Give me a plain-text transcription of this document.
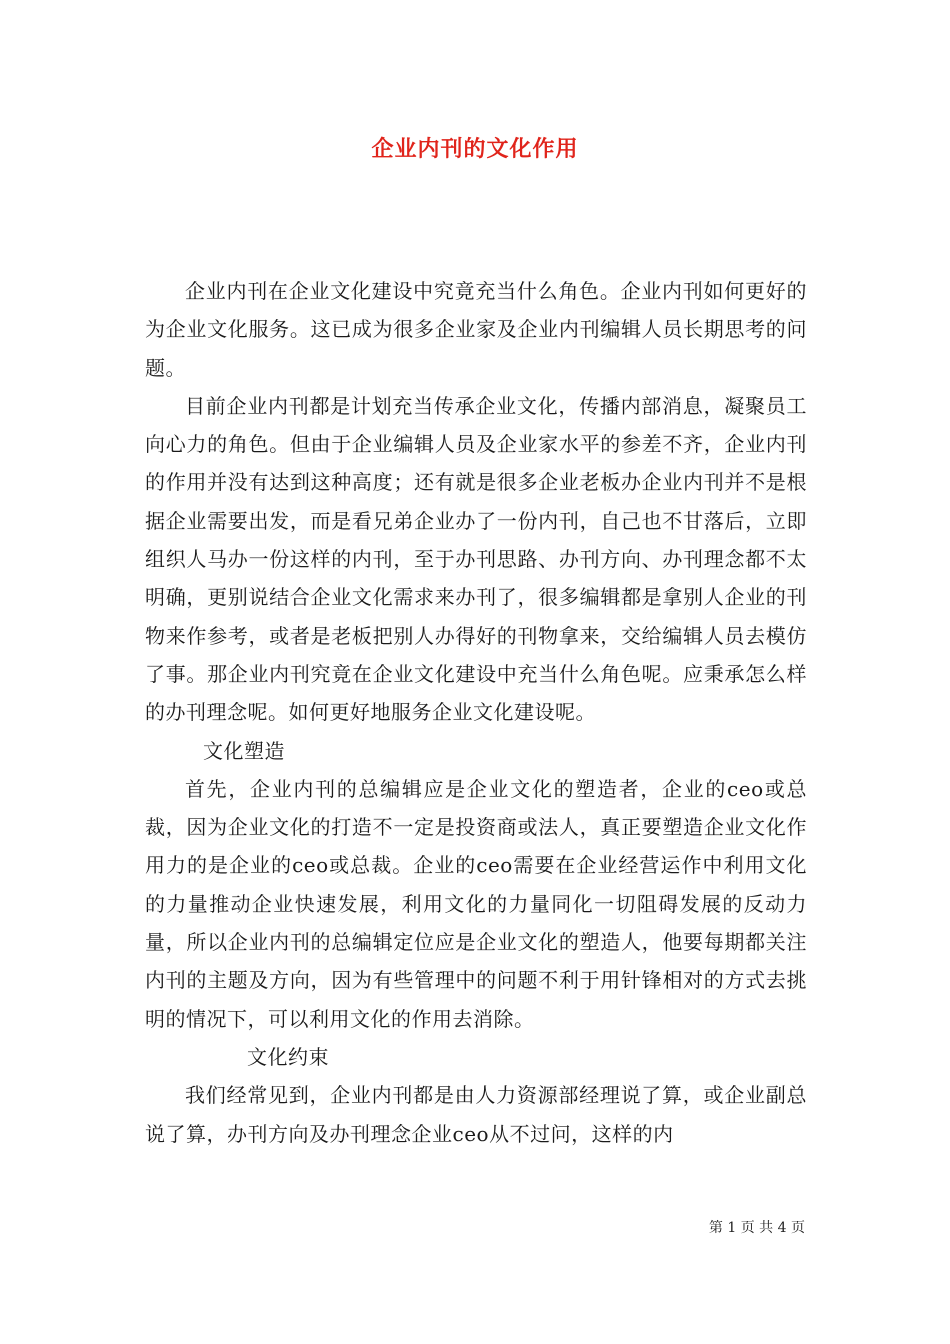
企业内刊的文化作用

企业内刊在企业文化建设中究竟充当什么角色。企业内刊如何更好的为企业文化服务。这已成为很多企业家及企业内刊编辑人员长期思考的问题。

目前企业内刊都是计划充当传承企业文化，传播内部消息，凝聚员工向心力的角色。但由于企业编辑人员及企业家水平的参差不齐，企业内刊的作用并没有达到这种高度；还有就是很多企业老板办企业内刊并不是根据企业需要出发，而是看兄弟企业办了一份内刊，自己也不甘落后，立即组织人马办一份这样的内刊，至于办刊思路、办刊方向、办刊理念都不太明确，更别说结合企业文化需求来办刊了，很多编辑都是拿别人企业的刊物来作参考，或者是老板把别人办得好的刊物拿来，交给编辑人员去模仿了事。那企业内刊究竟在企业文化建设中充当什么角色呢。应秉承怎么样的办刊理念呢。如何更好地服务企业文化建设呢。

文化塑造

首先，企业内刊的总编辑应是企业文化的塑造者，企业的ceo或总裁，因为企业文化的打造不一定是投资商或法人，真正要塑造企业文化作用力的是企业的ceo或总裁。企业的ceo需要在企业经营运作中利用文化的力量推动企业快速发展，利用文化的力量同化一切阻碍发展的反动力量，所以企业内刊的总编辑定位应是企业文化的塑造人，他要每期都关注内刊的主题及方向，因为有些管理中的问题不利于用针锋相对的方式去挑明的情况下，可以利用文化的作用去消除。

文化约束

我们经常见到，企业内刊都是由人力资源部经理说了算，或企业副总说了算，办刊方向及办刊理念企业ceo从不过问，这样的内

第 1 页 共 4 页
